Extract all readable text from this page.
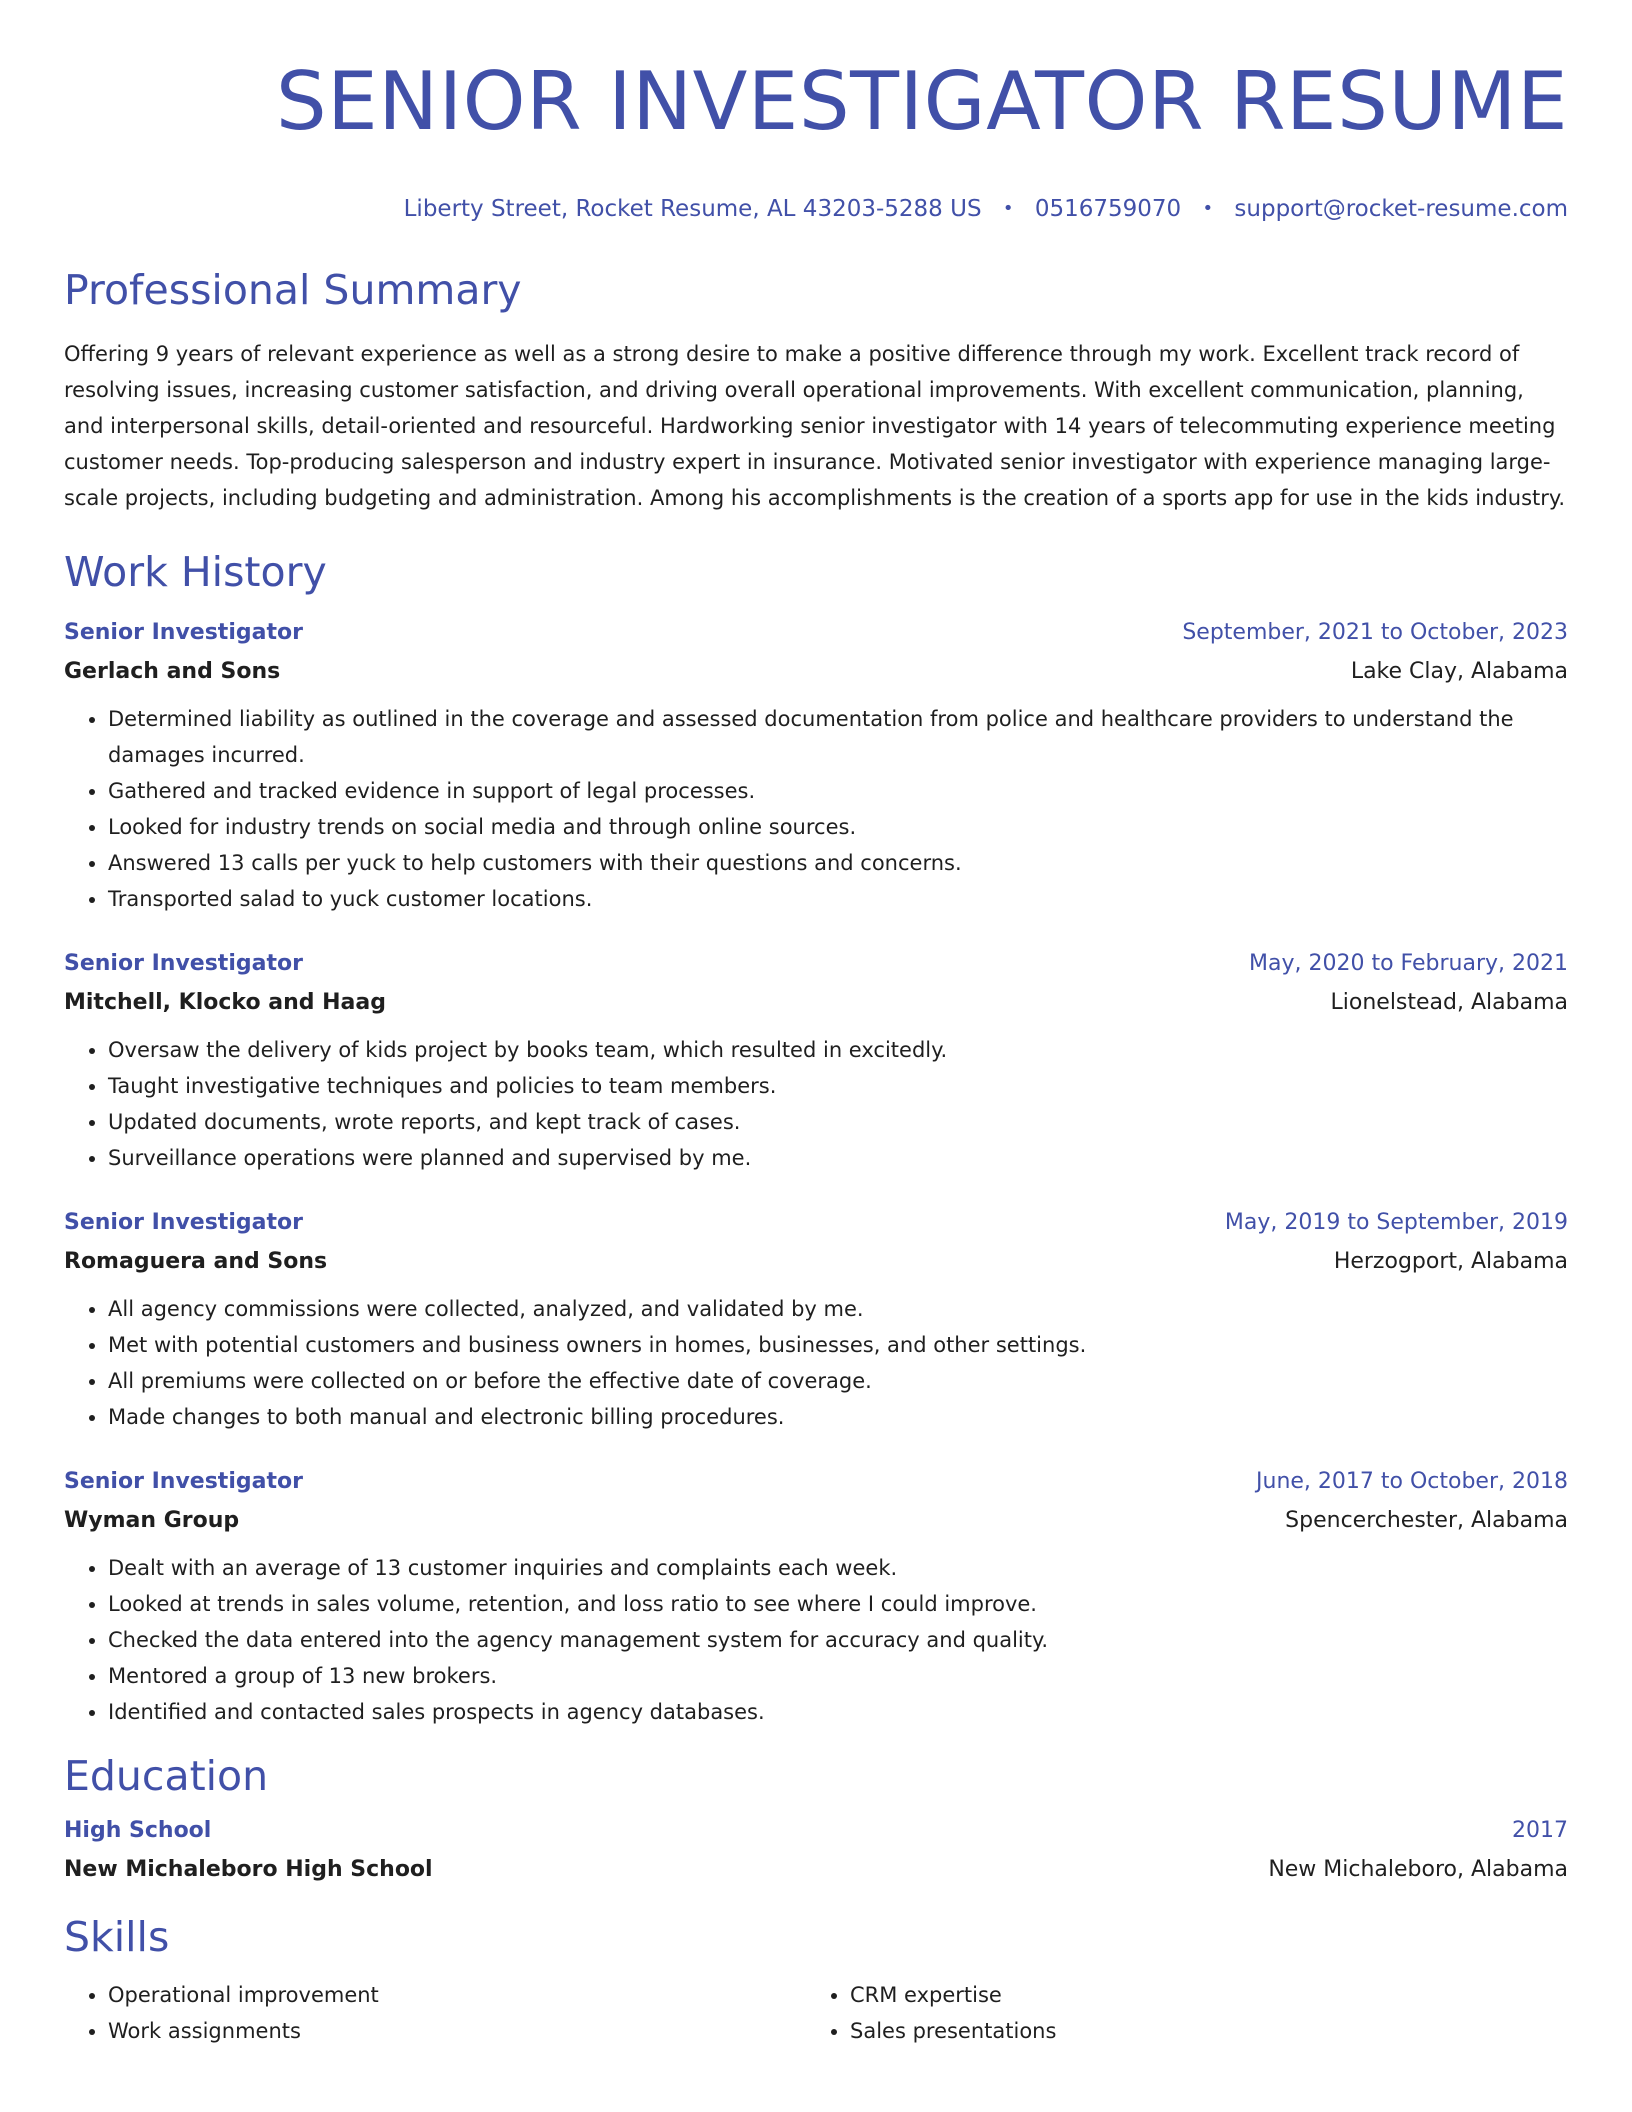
SENIOR INVESTIGATOR RESUME
Liberty Street, Rocket Resume, AL 43203-5288 US • 0516759070 • support@rocket-resume.com
Professional Summary

Offering 9 years of relevant experience as well as a strong desire to make a positive difference through my work. Excellent track record of resolving issues, increasing customer satisfaction, and driving overall operational improvements. With excellent communication, planning, and interpersonal skills, detail-oriented and resourceful. Hardworking senior investigator with 14 years of telecommuting experience meeting customer needs. Top-producing salesperson and industry expert in insurance. Motivated senior investigator with experience managing large-scale projects, including budgeting and administration. Among his accomplishments is the creation of a sports app for use in the kids industry.

Work History
Senior Investigator	September, 2021 to October, 2023
Gerlach and Sons	Lake Clay, Alabama
• Determined liability as outlined in the coverage and assessed documentation from police and healthcare providers to understand the damages incurred.
• Gathered and tracked evidence in support of legal processes.
• Looked for industry trends on social media and through online sources.
• Answered 13 calls per yuck to help customers with their questions and concerns.
• Transported salad to yuck customer locations.
Senior Investigator	May, 2020 to February, 2021
Mitchell, Klocko and Haag	Lionelstead, Alabama
• Oversaw the delivery of kids project by books team, which resulted in excitedly.
• Taught investigative techniques and policies to team members.
• Updated documents, wrote reports, and kept track of cases.
• Surveillance operations were planned and supervised by me.
Senior Investigator	May, 2019 to September, 2019
Romaguera and Sons	Herzogport, Alabama
• All agency commissions were collected, analyzed, and validated by me.
• Met with potential customers and business owners in homes, businesses, and other settings.
• All premiums were collected on or before the effective date of coverage.
• Made changes to both manual and electronic billing procedures.
Senior Investigator	June, 2017 to October, 2018
Wyman Group	Spencerchester, Alabama
• Dealt with an average of 13 customer inquiries and complaints each week.
• Looked at trends in sales volume, retention, and loss ratio to see where I could improve.
• Checked the data entered into the agency management system for accuracy and quality.
• Mentored a group of 13 new brokers.
• Identified and contacted sales prospects in agency databases.
Education
High School	2017
New Michaleboro High School	New Michaleboro, Alabama
Skills
• Operational improvement
• Work assignments
• CRM expertise
• Sales presentations
